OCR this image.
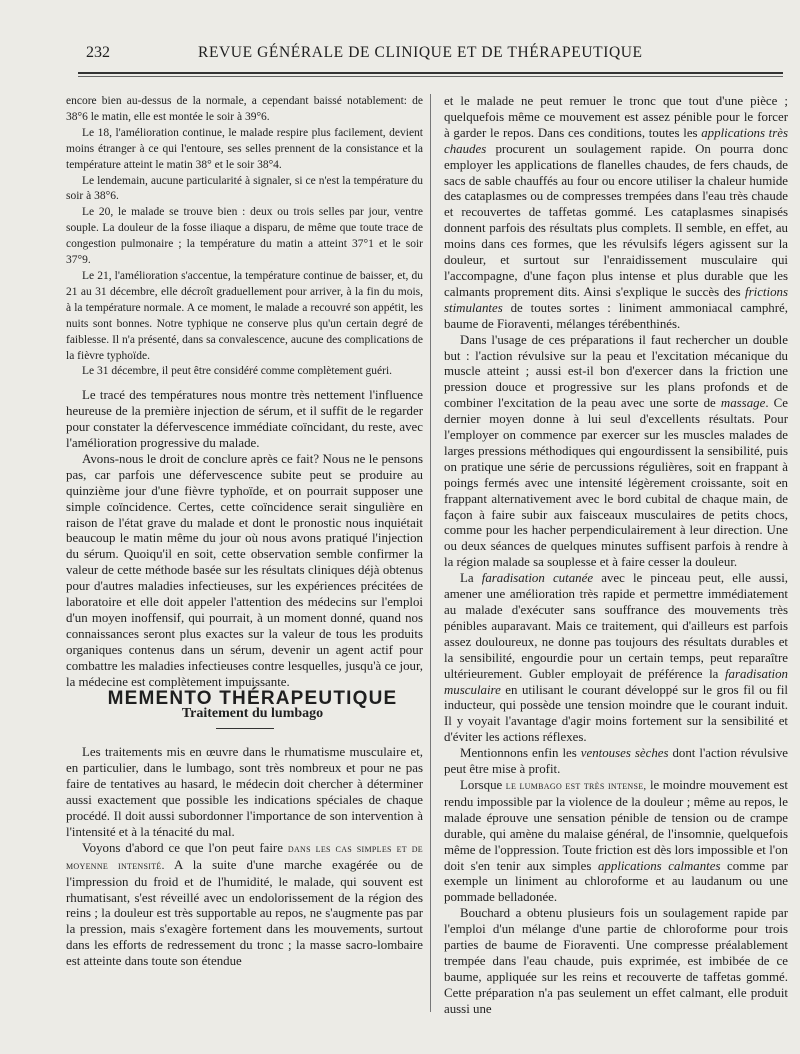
232	REVUE GÉNÉRALE DE CLINIQUE ET DE THÉRAPEUTIQUE

encore bien au-dessus de la normale, a cependant baissé notablement: de 38°6 le matin, elle est montée le soir à 39°6.

Le 18, l'amélioration continue, le malade respire plus facilement, devient moins étranger à ce qui l'entoure, ses selles prennent de la consistance et la température atteint le matin 38° et le soir 38°4.

Le lendemain, aucune particularité à signaler, si ce n'est la température du soir à 38°6.

Le 20, le malade se trouve bien : deux ou trois selles par jour, ventre souple. La douleur de la fosse iliaque a disparu, de même que toute trace de congestion pulmonaire ; la température du matin a atteint 37°1 et le soir 37°9.

Le 21, l'amélioration s'accentue, la température continue de baisser, et, du 21 au 31 décembre, elle décroît graduellement pour arriver, à la fin du mois, à la température normale. A ce moment, le malade a recouvré son appétit, les nuits sont bonnes. Notre typhique ne conserve plus qu'un certain degré de faiblesse. Il n'a présenté, dans sa convalescence, aucune des complications de la fièvre typhoïde.

Le 31 décembre, il peut être considéré comme complètement guéri.

Le tracé des températures nous montre très nettement l'influence heureuse de la première injection de sérum, et il suffit de le regarder pour constater la défervescence immédiate coïncidant, du reste, avec l'amélioration progressive du malade.

Avons-nous le droit de conclure après ce fait? Nous ne le pensons pas, car parfois une défervescence subite peut se produire au quinzième jour d'une fièvre typhoïde, et on pourrait supposer une simple coïncidence. Certes, cette coïncidence serait singulière en raison de l'état grave du malade et dont le pronostic nous inquiétait beaucoup le matin même du jour où nous avons pratiqué l'injection du sérum. Quoiqu'il en soit, cette observation semble confirmer la valeur de cette méthode basée sur les résultats cliniques déjà obtenus pour d'autres maladies infectieuses, sur les expériences précitées de laboratoire et elle doit appeler l'attention des médecins sur l'emploi d'un moyen inoffensif, qui pourrait, à un moment donné, quand nos connaissances seront plus exactes sur la valeur de tous les produits organiques contenus dans un sérum, devenir un agent actif pour combattre les maladies infectieuses contre lesquelles, jusqu'à ce jour, la médecine est complètement impuissante.

MEMENTO THÉRAPEUTIQUE

Traitement du lumbago

Les traitements mis en œuvre dans le rhumatisme musculaire et, en particulier, dans le lumbago, sont très nombreux et pour ne pas faire de tentatives au hasard, le médecin doit chercher à déterminer aussi exactement que possible les indications spéciales de chaque procédé. Il doit aussi subordonner l'importance de son intervention à l'intensité et à la ténacité du mal.

Voyons d'abord ce que l'on peut faire dans les cas simples et de moyenne intensité. A la suite d'une marche exagérée ou de l'impression du froid et de l'humidité, le malade, qui souvent est rhumatisant, s'est réveillé avec un endolorissement de la région des reins ; la douleur est très supportable au repos, ne s'augmente pas par la pression, mais s'exagère fortement dans les mouvements, surtout dans les efforts de redressement du tronc ; la masse sacro-lombaire est atteinte dans toute son étendue

et le malade ne peut remuer le tronc que tout d'une pièce ; quelquefois même ce mouvement est assez pénible pour le forcer à garder le repos. Dans ces conditions, toutes les applications très chaudes procurent un soulagement rapide. On pourra donc employer les applications de flanelles chaudes, de fers chauds, de sacs de sable chauffés au four ou encore utiliser la chaleur humide des cataplasmes ou de compresses trempées dans l'eau très chaude et recouvertes de taffetas gommé. Les cataplasmes sinapisés donnent parfois des résultats plus complets. Il semble, en effet, au moins dans ces formes, que les révulsifs légers agissent sur la douleur, et surtout sur l'enraidissement musculaire qui l'accompagne, d'une façon plus intense et plus durable que les calmants proprement dits. Ainsi s'explique le succès des frictions stimulantes de toutes sortes : liniment ammoniacal camphré, baume de Fioraventi, mélanges térébenthinés.

Dans l'usage de ces préparations il faut rechercher un double but : l'action révulsive sur la peau et l'excitation mécanique du muscle atteint ; aussi est-il bon d'exercer dans la friction une pression douce et progressive sur les plans profonds et de combiner l'excitation de la peau avec une sorte de massage. Ce dernier moyen donne à lui seul d'excellents résultats. Pour l'employer on commence par exercer sur les muscles malades de larges pressions méthodiques qui engourdissent la sensibilité, puis on pratique une série de percussions régulières, soit en frappant à poings fermés avec une intensité légèrement croissante, soit en frappant alternativement avec le bord cubital de chaque main, de façon à faire subir aux faisceaux musculaires de petits chocs, comme pour les hacher perpendiculairement à leur direction. Une ou deux séances de quelques minutes suffisent parfois à rendre à la région malade sa souplesse et à faire cesser la douleur.

La faradisation cutanée avec le pinceau peut, elle aussi, amener une amélioration très rapide et permettre immédiatement au malade d'exécuter sans souffrance des mouvements très pénibles auparavant. Mais ce traitement, qui d'ailleurs est parfois assez douloureux, ne donne pas toujours des résultats durables et la sensibilité, engourdie pour un certain temps, peut reparaître ultérieurement. Gubler employait de préférence la faradisation musculaire en utilisant le courant développé sur le gros fil ou fil inducteur, qui possède une tension moindre que le courant induit. Il y voyait l'avantage d'agir moins fortement sur la sensibilité et d'éviter les actions réflexes.

Mentionnons enfin les ventouses sèches dont l'action révulsive peut être mise à profit.

Lorsque le lumbago est très intense, le moindre mouvement est rendu impossible par la violence de la douleur ; même au repos, le malade éprouve une sensation pénible de tension ou de crampe durable, qui amène du malaise général, de l'insomnie, quelquefois même de l'oppression. Toute friction est dès lors impossible et l'on doit s'en tenir aux simples applications calmantes comme par exemple un liniment au chloroforme et au laudanum ou une pommade belladonée.

Bouchard a obtenu plusieurs fois un soulagement rapide par l'emploi d'un mélange d'une partie de chloroforme pour trois parties de baume de Fioraventi. Une compresse préalablement trempée dans l'eau chaude, puis exprimée, est imbibée de ce baume, appliquée sur les reins et recouverte de taffetas gommé. Cette préparation n'a pas seulement un effet calmant, elle produit aussi une
